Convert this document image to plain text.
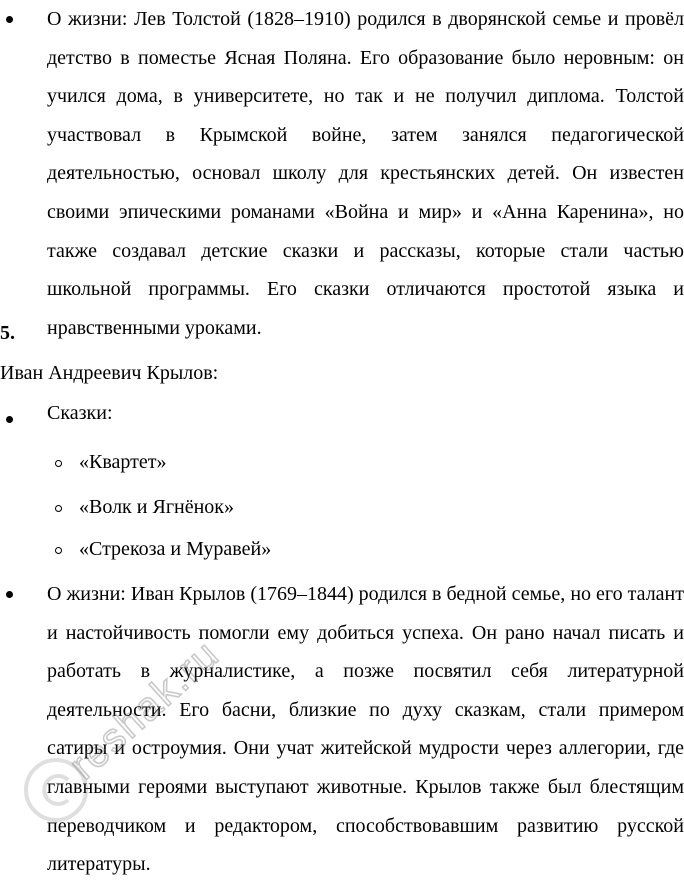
О жизни: Лев Толстой (1828–1910) родился в дворянской семье и провёл детство в поместье Ясная Поляна. Его образование было неровным: он учился дома, в университете, но так и не получил диплома. Толстой участвовал в Крымской войне, затем занялся педагогической деятельностью, основал школу для крестьянских детей. Он известен своими эпическими романами «Война и мир» и «Анна Каренина», но также создавал детские сказки и рассказы, которые стали частью школьной программы. Его сказки отличаются простотой языка и нравственными уроками.
5.
Иван Андреевич Крылов:
Сказки:
«Квартет»
«Волк и Ягнёнок»
«Стрекоза и Муравей»
О жизни: Иван Крылов (1769–1844) родился в бедной семье, но его талант и настойчивость помогли ему добиться успеха. Он рано начал писать и работать в журналистике, а позже посвятил себя литературной деятельности. Его басни, близкие по духу сказкам, стали примером сатиры и остроумия. Они учат житейской мудрости через аллегории, где главными героями выступают животные. Крылов также был блестящим переводчиком и редактором, способствовавшим развитию русской литературы.
reshak.ru
